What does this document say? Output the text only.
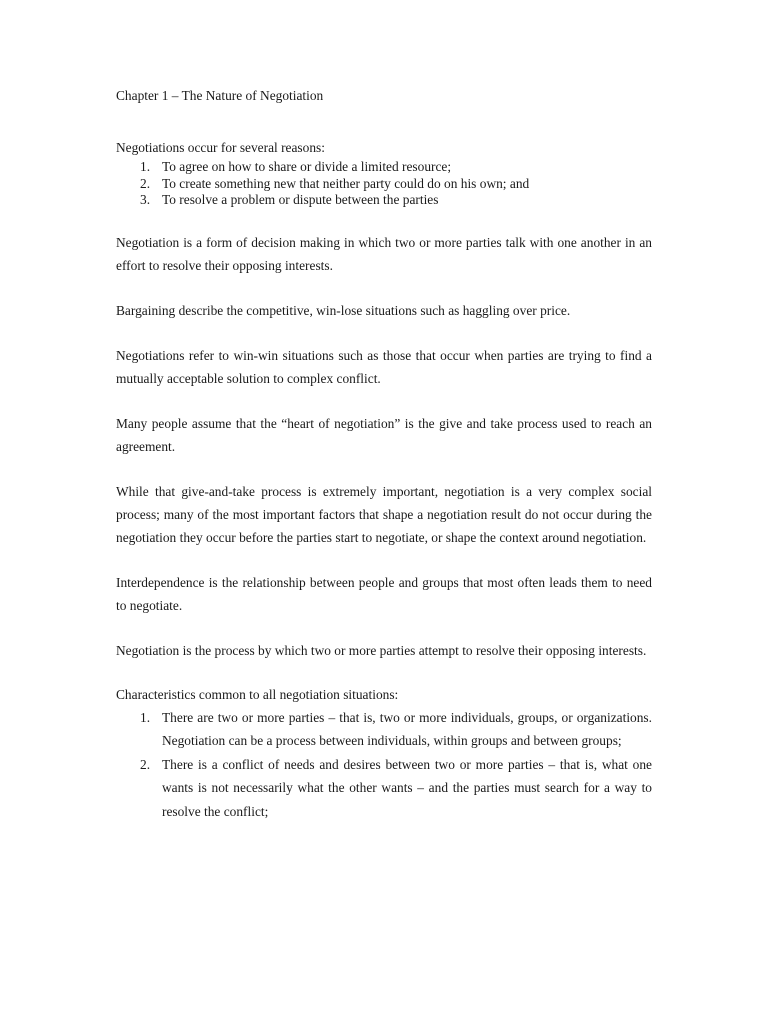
Chapter 1 – The Nature of Negotiation

Negotiations occur for several reasons:

1. To agree on how to share or divide a limited resource;
2. To create something new that neither party could do on his own; and
3. To resolve a problem or dispute between the parties

Negotiation is a form of decision making in which two or more parties talk with one another in an effort to resolve their opposing interests.

Bargaining describe the competitive, win-lose situations such as haggling over price.

Negotiations refer to win-win situations such as those that occur when parties are trying to find a mutually acceptable solution to complex conflict.

Many people assume that the “heart of negotiation” is the give and take process used to reach an agreement.

While that give-and-take process is extremely important, negotiation is a very complex social process; many of the most important factors that shape a negotiation result do not occur during the negotiation they occur before the parties start to negotiate, or shape the context around negotiation.

Interdependence is the relationship between people and groups that most often leads them to need to negotiate.

Negotiation is the process by which two or more parties attempt to resolve their opposing interests.

Characteristics common to all negotiation situations:

1. There are two or more parties – that is, two or more individuals, groups, or organizations. Negotiation can be a process between individuals, within groups and between groups;
2. There is a conflict of needs and desires between two or more parties – that is, what one wants is not necessarily what the other wants – and the parties must search for a way to resolve the conflict;
